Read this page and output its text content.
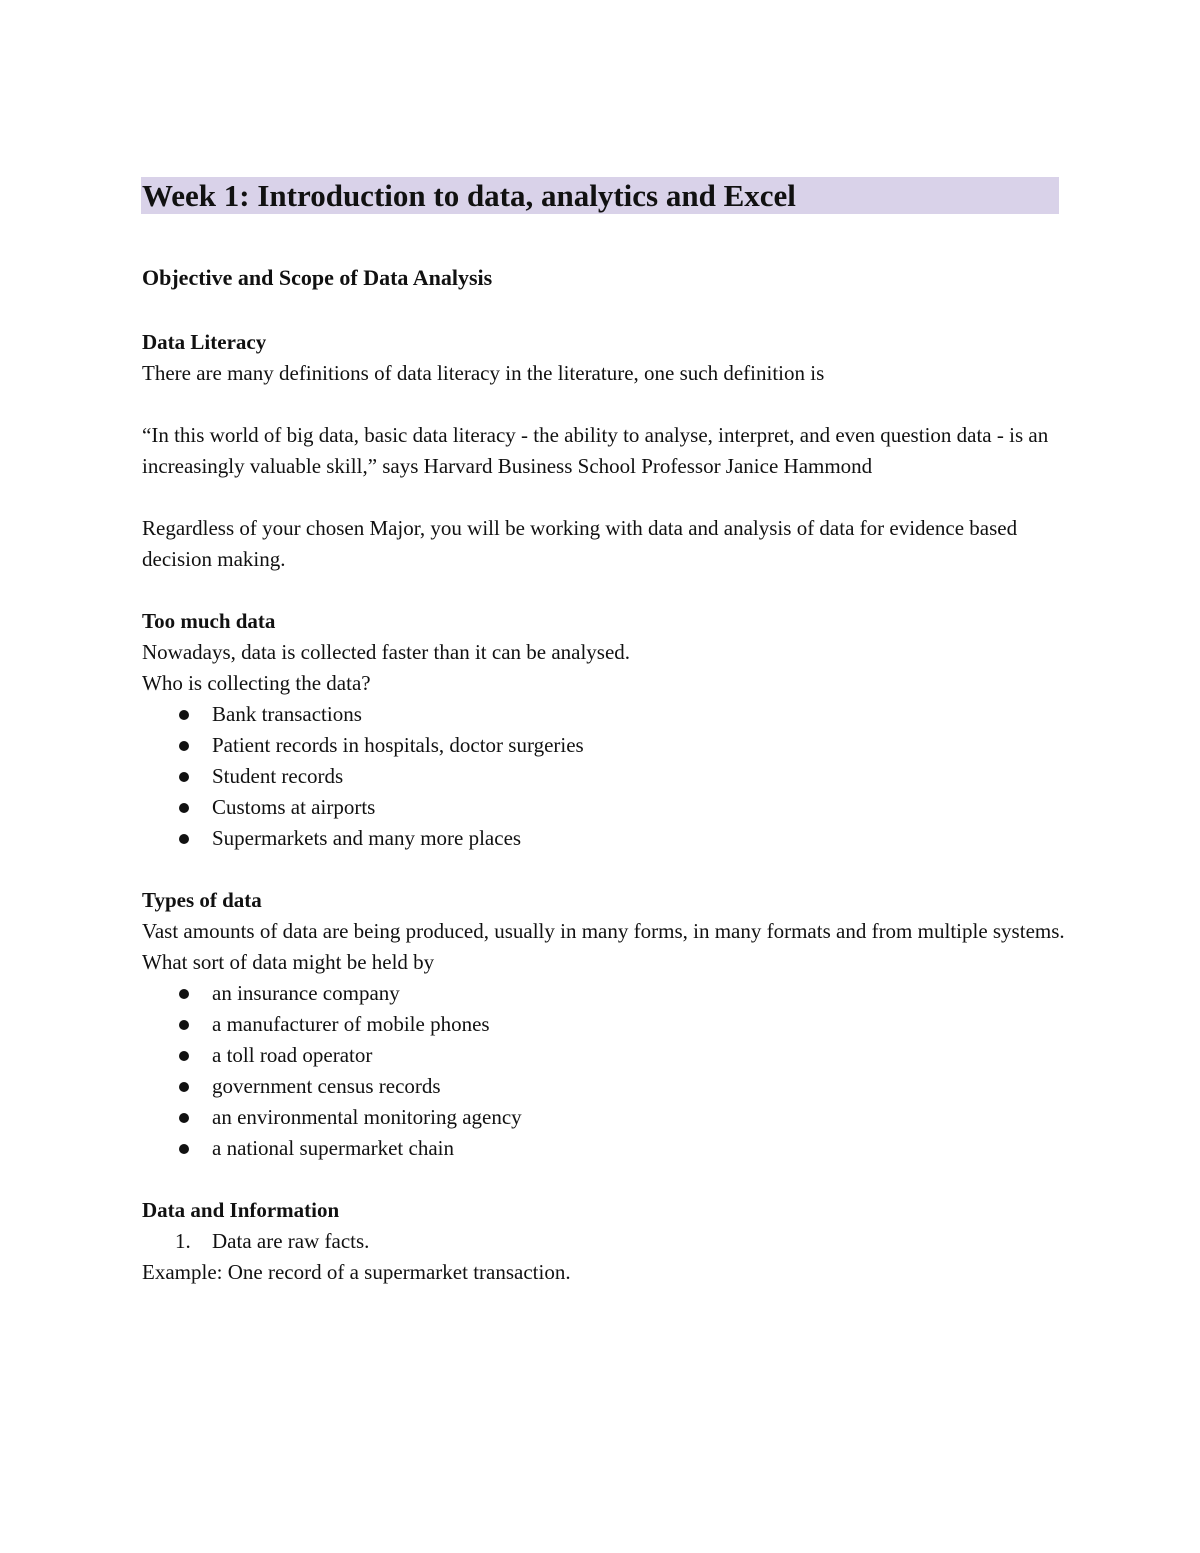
Week 1: Introduction to data, analytics and Excel
Objective and Scope of Data Analysis

Data Literacy

There are many definitions of data literacy in the literature, one such definition is

“In this world of big data, basic data literacy - the ability to analyse, interpret, and even question data - is an increasingly valuable skill,” says Harvard Business School Professor Janice Hammond

Regardless of your chosen Major, you will be working with data and analysis of data for evidence based decision making.

Too much data

Nowadays, data is collected faster than it can be analysed.

Who is collecting the data?

Bank transactions
Patient records in hospitals, doctor surgeries
Student records
Customs at airports
Supermarkets and many more places

Types of data

Vast amounts of data are being produced, usually in many forms, in many formats and from multiple systems.

What sort of data might be held by

an insurance company
a manufacturer of mobile phones
a toll road operator
government census records
an environmental monitoring agency
a national supermarket chain

Data and Information

1. Data are raw facts.

Example: One record of a supermarket transaction.
